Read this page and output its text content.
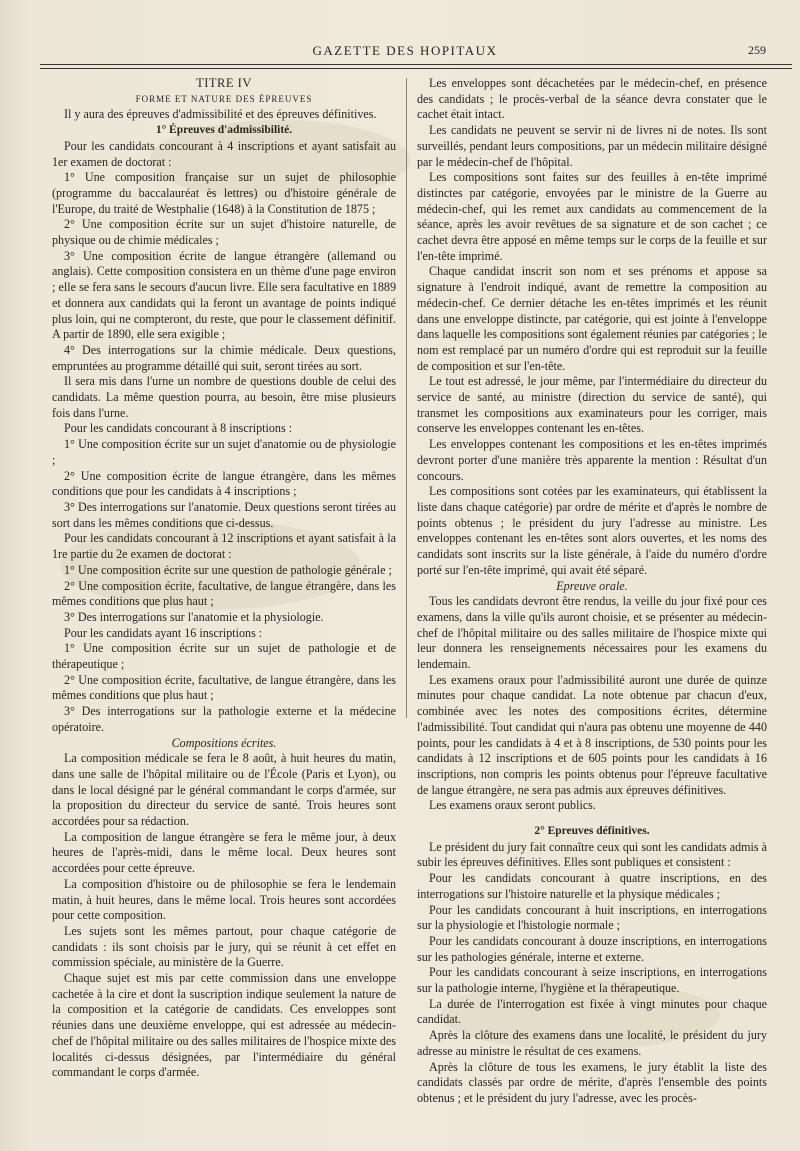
GAZETTE DES HOPITAUX	259

TITRE IV

FORME ET NATURE DES ÉPREUVES

Il y aura des épreuves d'admissibilité et des épreuves définitives.

1° Épreuves d'admissibilité.

Pour les candidats concourant à 4 inscriptions et ayant satisfait au 1er examen de doctorat :

1° Une composition française sur un sujet de philosophie (programme du baccalauréat ès lettres) ou d'histoire générale de l'Europe, du traité de Westphalie (1648) à la Constitution de 1875 ;

2° Une composition écrite sur un sujet d'histoire naturelle, de physique ou de chimie médicales ;

3° Une composition écrite de langue étrangère (allemand ou anglais). Cette composition consistera en un thème d'une page environ ; elle se fera sans le secours d'aucun livre. Elle sera facultative en 1889 et donnera aux candidats qui la feront un avantage de points indiqué plus loin, qui ne compteront, du reste, que pour le classement définitif. A partir de 1890, elle sera exigible ;

4° Des interrogations sur la chimie médicale. Deux questions, empruntées au programme détaillé qui suit, seront tirées au sort.

Il sera mis dans l'urne un nombre de questions double de celui des candidats. La même question pourra, au besoin, être mise plusieurs fois dans l'urne.

Pour les candidats concourant à 8 inscriptions :

1° Une composition écrite sur un sujet d'anatomie ou de physiologie ;

2° Une composition écrite de langue étrangère, dans les mêmes conditions que pour les candidats à 4 inscriptions ;

3° Des interrogations sur l'anatomie. Deux questions seront tirées au sort dans les mêmes conditions que ci-dessus.

Pour les candidats concourant à 12 inscriptions et ayant satisfait à la 1re partie du 2e examen de doctorat :

1° Une composition écrite sur une question de pathologie générale ;

2° Une composition écrite, facultative, de langue étrangère, dans les mêmes conditions que plus haut ;

3° Des interrogations sur l'anatomie et la physiologie.

Pour les candidats ayant 16 inscriptions :

1° Une composition écrite sur un sujet de pathologie et de thérapeutique ;

2° Une composition écrite, facultative, de langue étrangère, dans les mêmes conditions que plus haut ;

3° Des interrogations sur la pathologie externe et la médecine opératoire.

Compositions écrites.

La composition médicale se fera le 8 août, à huit heures du matin, dans une salle de l'hôpital militaire ou de l'École (Paris et Lyon), ou dans le local désigné par le général commandant le corps d'armée, sur la proposition du directeur du service de santé. Trois heures sont accordées pour sa rédaction.

La composition de langue étrangère se fera le même jour, à deux heures de l'après-midi, dans le même local. Deux heures sont accordées pour cette épreuve.

La composition d'histoire ou de philosophie se fera le lendemain matin, à huit heures, dans le même local. Trois heures sont accordées pour cette composition.

Les sujets sont les mêmes partout, pour chaque catégorie de candidats : ils sont choisis par le jury, qui se réunit à cet effet en commission spéciale, au ministère de la Guerre.

Chaque sujet est mis par cette commission dans une enveloppe cachetée à la cire et dont la suscription indique seulement la nature de la composition et la catégorie de candidats. Ces enveloppes sont réunies dans une deuxième enveloppe, qui est adressée au médecin-chef de l'hôpital militaire ou des salles militaires de l'hospice mixte des localités ci-dessus désignées, par l'intermédiaire du général commandant le corps d'armée.

Les enveloppes sont décachetées par le médecin-chef, en présence des candidats ; le procès-verbal de la séance devra constater que le cachet était intact.

Les candidats ne peuvent se servir ni de livres ni de notes. Ils sont surveillés, pendant leurs compositions, par un médecin militaire désigné par le médecin-chef de l'hôpital.

Les compositions sont faites sur des feuilles à en-tête imprimé distinctes par catégorie, envoyées par le ministre de la Guerre au médecin-chef, qui les remet aux candidats au commencement de la séance, après les avoir revêtues de sa signature et de son cachet ; ce cachet devra être apposé en même temps sur le corps de la feuille et sur l'en-tête imprimé.

Chaque candidat inscrit son nom et ses prénoms et appose sa signature à l'endroit indiqué, avant de remettre la composition au médecin-chef. Ce dernier détache les en-têtes imprimés et les réunit dans une enveloppe distincte, par catégorie, qui est jointe à l'enveloppe dans laquelle les compositions sont également réunies par catégories ; le nom est remplacé par un numéro d'ordre qui est reproduit sur la feuille de composition et sur l'en-tête.

Le tout est adressé, le jour même, par l'intermédiaire du directeur du service de santé, au ministre (direction du service de santé), qui transmet les compositions aux examinateurs pour les corriger, mais conserve les enveloppes contenant les en-têtes.

Les enveloppes contenant les compositions et les en-têtes imprimés devront porter d'une manière très apparente la mention : Résultat d'un concours.

Les compositions sont cotées par les examinateurs, qui établissent la liste dans chaque catégorie) par ordre de mérite et d'après le nombre de points obtenus ; le président du jury l'adresse au ministre. Les enveloppes contenant les en-têtes sont alors ouvertes, et les noms des candidats sont inscrits sur la liste générale, à l'aide du numéro d'ordre porté sur l'en-tête imprimé, qui avait été séparé.

Epreuve orale.

Tous les candidats devront être rendus, la veille du jour fixé pour ces examens, dans la ville qu'ils auront choisie, et se présenter au médecin-chef de l'hôpital militaire ou des salles militaire de l'hospice mixte qui leur donnera les renseignements nécessaires pour les examens du lendemain.

Les examens oraux pour l'admissibilité auront une durée de quinze minutes pour chaque candidat. La note obtenue par chacun d'eux, combinée avec les notes des compositions écrites, détermine l'admissibilité. Tout candidat qui n'aura pas obtenu une moyenne de 440 points, pour les candidats à 4 et à 8 inscriptions, de 530 points pour les candidats à 12 inscriptions et de 605 points pour les candidats à 16 inscriptions, non compris les points obtenus pour l'épreuve facultative de langue étrangère, ne sera pas admis aux épreuves définitives.

Les examens oraux seront publics.

2° Epreuves définitives.

Le président du jury fait connaître ceux qui sont les candidats admis à subir les épreuves définitives. Elles sont publiques et consistent :

Pour les candidats concourant à quatre inscriptions, en des interrogations sur l'histoire naturelle et la physique médicales ;

Pour les candidats concourant à huit inscriptions, en interrogations sur la physiologie et l'histologie normale ;

Pour les candidats concourant à douze inscriptions, en interrogations sur les pathologies générale, interne et externe.

Pour les candidats concourant à seize inscriptions, en interrogations sur la pathologie interne, l'hygiène et la thérapeutique.

La durée de l'interrogation est fixée à vingt minutes pour chaque candidat.

Après la clôture des examens dans une localité, le président du jury adresse au ministre le résultat de ces examens.

Après la clôture de tous les examens, le jury établit la liste des candidats classés par ordre de mérite, d'après l'ensemble des points obtenus ; et le président du jury l'adresse, avec les procès-
